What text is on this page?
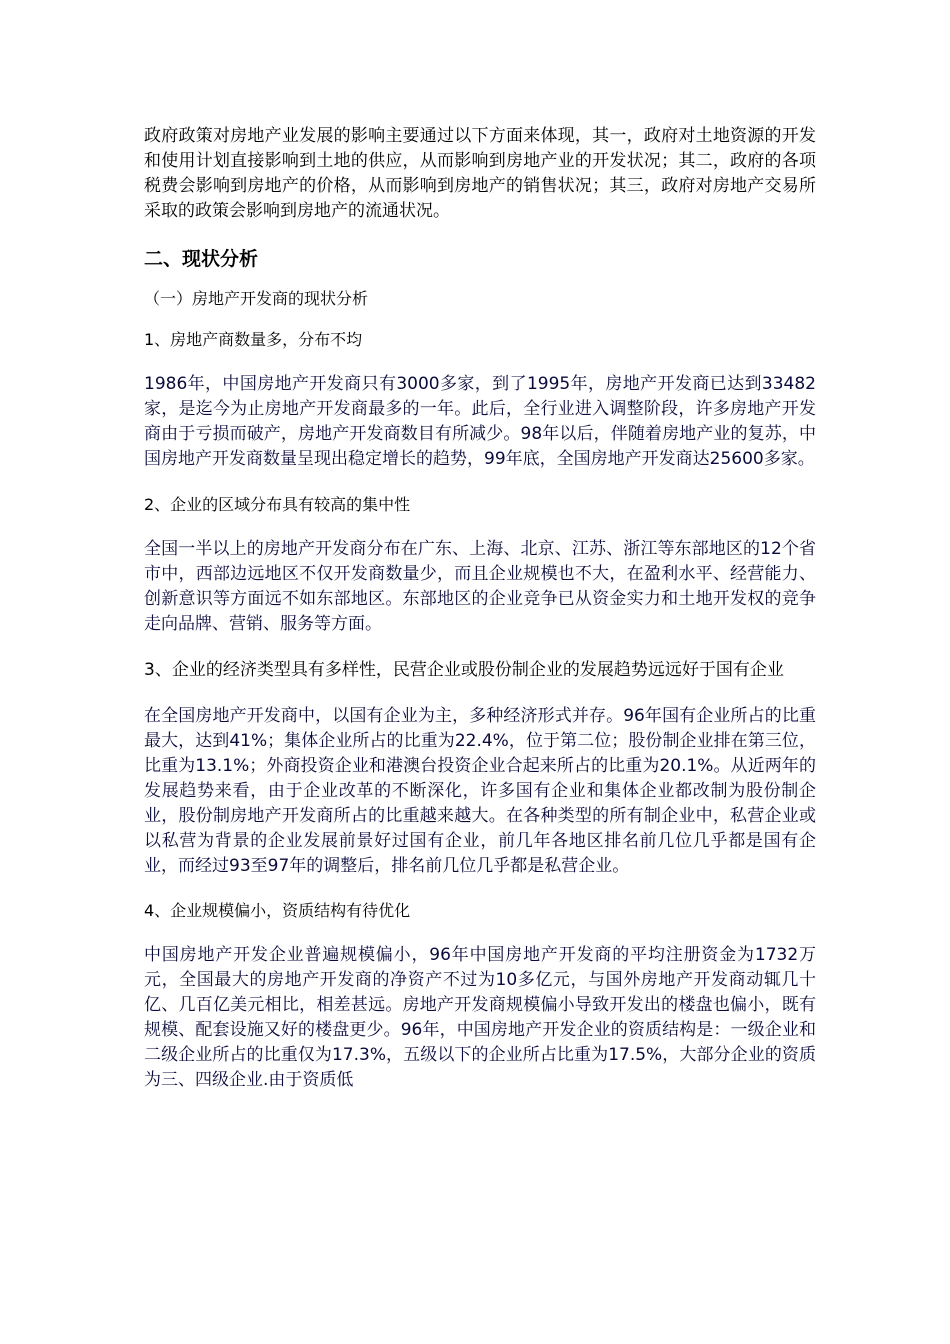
政府政策对房地产业发展的影响主要通过以下方面来体现，其一，政府对土地资源的开发和使用计划直接影响到土地的供应，从而影响到房地产业的开发状况；其二，政府的各项税费会影响到房地产的价格，从而影响到房地产的销售状况；其三，政府对房地产交易所采取的政策会影响到房地产的流通状况。

二、现状分析

（一）房地产开发商的现状分析

1、房地产商数量多，分布不均

1986年，中国房地产开发商只有3000多家，到了1995年，房地产开发商已达到33482家，是迄今为止房地产开发商最多的一年。此后，全行业进入调整阶段，许多房地产开发商由于亏损而破产，房地产开发商数目有所减少。98年以后，伴随着房地产业的复苏，中国房地产开发商数量呈现出稳定增长的趋势，99年底，全国房地产开发商达25600多家。

2、企业的区域分布具有较高的集中性

全国一半以上的房地产开发商分布在广东、上海、北京、江苏、浙江等东部地区的12个省市中，西部边远地区不仅开发商数量少，而且企业规模也不大，在盈利水平、经营能力、创新意识等方面远不如东部地区。东部地区的企业竞争已从资金实力和土地开发权的竞争走向品牌、营销、服务等方面。

3、企业的经济类型具有多样性，民营企业或股份制企业的发展趋势远远好于国有企业

在全国房地产开发商中，以国有企业为主，多种经济形式并存。96年国有企业所占的比重最大，达到41%；集体企业所占的比重为22.4%，位于第二位；股份制企业排在第三位，比重为13.1%；外商投资企业和港澳台投资企业合起来所占的比重为20.1%。从近两年的发展趋势来看，由于企业改革的不断深化，许多国有企业和集体企业都改制为股份制企业，股份制房地产开发商所占的比重越来越大。在各种类型的所有制企业中，私营企业或以私营为背景的企业发展前景好过国有企业，前几年各地区排名前几位几乎都是国有企业，而经过93至97年的调整后，排名前几位几乎都是私营企业。

4、企业规模偏小，资质结构有待优化

中国房地产开发企业普遍规模偏小，96年中国房地产开发商的平均注册资金为1732万元，全国最大的房地产开发商的净资产不过为10多亿元，与国外房地产开发商动辄几十亿、几百亿美元相比，相差甚远。房地产开发商规模偏小导致开发出的楼盘也偏小，既有规模、配套设施又好的楼盘更少。96年，中国房地产开发企业的资质结构是：一级企业和二级企业所占的比重仅为17.3%，五级以下的企业所占比重为17.5%，大部分企业的资质为三、四级企业.由于资质低
